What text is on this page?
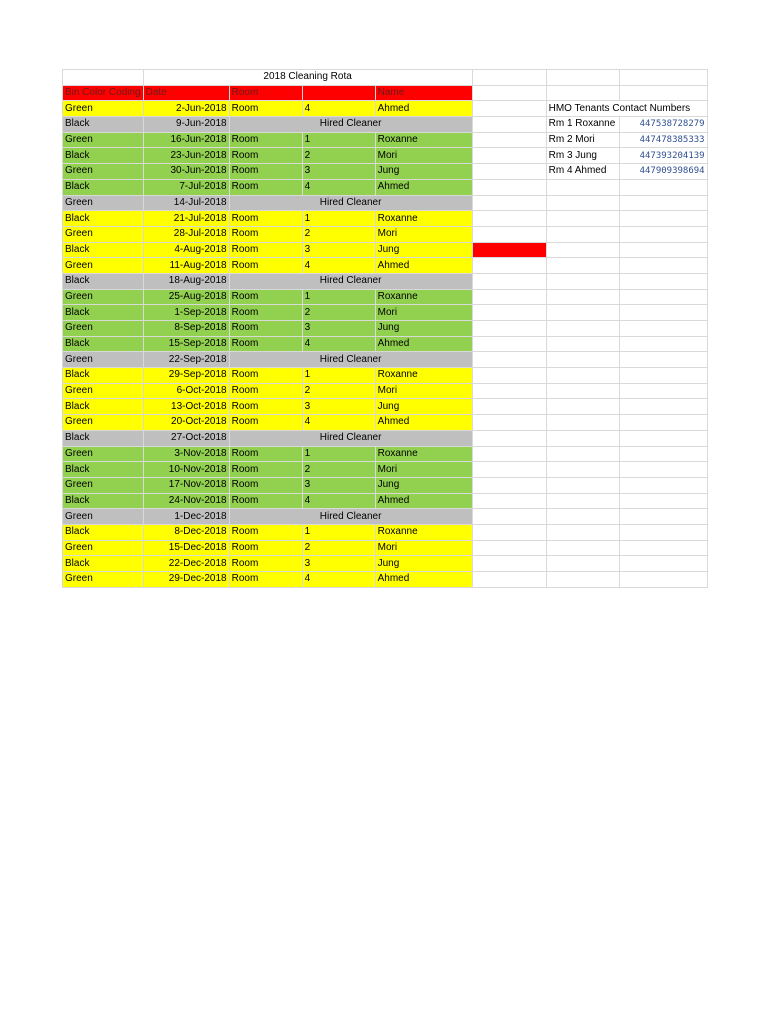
	2018 Cleaning Rota						
Bin Color Coding	Date	Room		Name			
Green	2-Jun-2018	Room	4	Ahmed		HMO Tenants Contact Numbers	
Black	9-Jun-2018	Hired Cleaner				Rm 1 Roxanne	447538728279
Green	16-Jun-2018	Room	1	Roxanne		Rm 2 Mori	447478385333
Black	23-Jun-2018	Room	2	Mori		Rm 3 Jung	447393204139
Green	30-Jun-2018	Room	3	Jung		Rm 4 Ahmed	447909398694
Black	7-Jul-2018	Room	4	Ahmed			
Green	14-Jul-2018	Hired Cleaner					
Black	21-Jul-2018	Room	1	Roxanne			
Green	28-Jul-2018	Room	2	Mori			
Black	4-Aug-2018	Room	3	Jung			
Green	11-Aug-2018	Room	4	Ahmed			
Black	18-Aug-2018	Hired Cleaner					
Green	25-Aug-2018	Room	1	Roxanne			
Black	1-Sep-2018	Room	2	Mori			
Green	8-Sep-2018	Room	3	Jung			
Black	15-Sep-2018	Room	4	Ahmed			
Green	22-Sep-2018	Hired Cleaner					
Black	29-Sep-2018	Room	1	Roxanne			
Green	6-Oct-2018	Room	2	Mori			
Black	13-Oct-2018	Room	3	Jung			
Green	20-Oct-2018	Room	4	Ahmed			
Black	27-Oct-2018	Hired Cleaner					
Green	3-Nov-2018	Room	1	Roxanne			
Black	10-Nov-2018	Room	2	Mori			
Green	17-Nov-2018	Room	3	Jung			
Black	24-Nov-2018	Room	4	Ahmed			
Green	1-Dec-2018	Hired Cleaner					
Black	8-Dec-2018	Room	1	Roxanne			
Green	15-Dec-2018	Room	2	Mori			
Black	22-Dec-2018	Room	3	Jung			
Green	29-Dec-2018	Room	4	Ahmed			
